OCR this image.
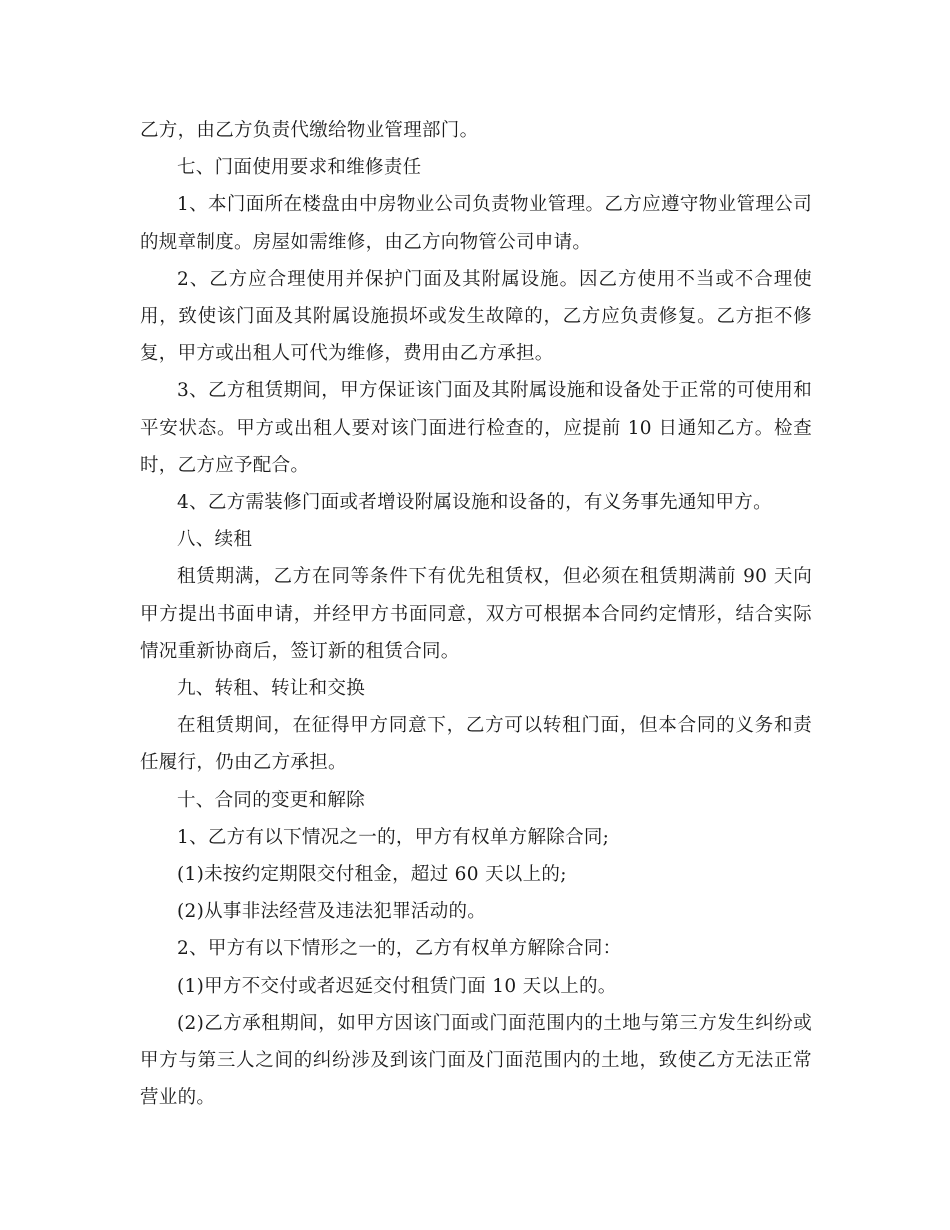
乙方，由乙方负责代缴给物业管理部门。

七、门面使用要求和维修责任

1、本门面所在楼盘由中房物业公司负责物业管理。乙方应遵守物业管理公司的规章制度。房屋如需维修，由乙方向物管公司申请。

2、乙方应合理使用并保护门面及其附属设施。因乙方使用不当或不合理使用，致使该门面及其附属设施损坏或发生故障的，乙方应负责修复。乙方拒不修复，甲方或出租人可代为维修，费用由乙方承担。

3、乙方租赁期间，甲方保证该门面及其附属设施和设备处于正常的可使用和平安状态。甲方或出租人要对该门面进行检查的，应提前 10 日通知乙方。检查时，乙方应予配合。

4、乙方需装修门面或者增设附属设施和设备的，有义务事先通知甲方。

八、续租

租赁期满，乙方在同等条件下有优先租赁权，但必须在租赁期满前 90 天向甲方提出书面申请，并经甲方书面同意，双方可根据本合同约定情形，结合实际情况重新协商后，签订新的租赁合同。

九、转租、转让和交换

在租赁期间，在征得甲方同意下，乙方可以转租门面，但本合同的义务和责任履行，仍由乙方承担。

十、合同的变更和解除

1、乙方有以下情况之一的，甲方有权单方解除合同;

(1)未按约定期限交付租金，超过 60 天以上的;

(2)从事非法经营及违法犯罪活动的。

2、甲方有以下情形之一的，乙方有权单方解除合同：

(1)甲方不交付或者迟延交付租赁门面 10 天以上的。

(2)乙方承租期间，如甲方因该门面或门面范围内的土地与第三方发生纠纷或甲方与第三人之间的纠纷涉及到该门面及门面范围内的土地，致使乙方无法正常营业的。
